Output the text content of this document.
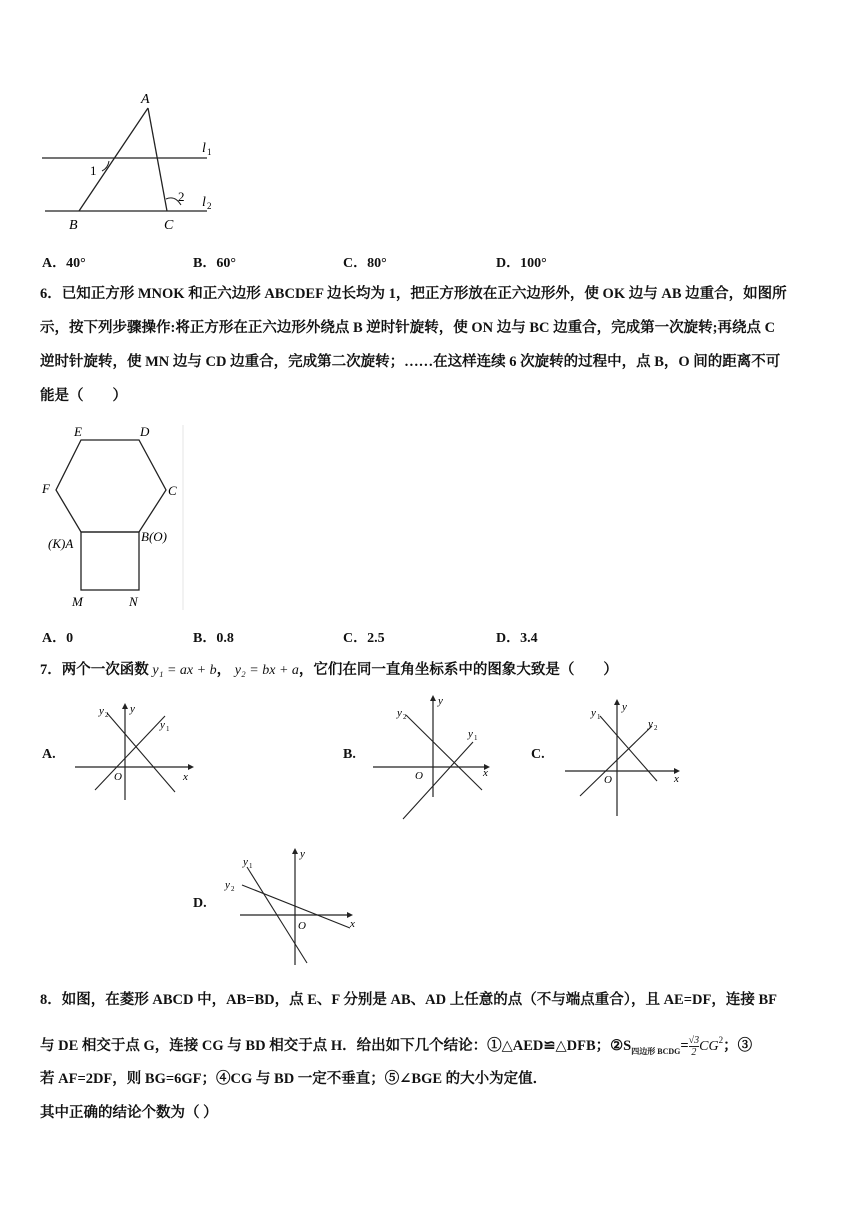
A
B	C
1
2
l 1
l 2
A．40°	B．60°	C．80°	D．100°
6．已知正方形 MNOK 和正六边形 ABCDEF 边长均为 1，把正方形放在正六边形外，使 OK 边与 AB 边重合，如图所
示，按下列步骤操作:将正方形在正六边形外绕点 B 逆时针旋转，使 ON 边与 BC 边重合，完成第一次旋转;再绕点 C
逆时针旋转，使 MN 边与 CD 边重合，完成第二次旋转；……在这样连续 6 次旋转的过程中，点 B，O 间的距离不可
能是（　　）
E	D
F	C
(K)A	B(O)
M	N
A．0	B．0.8	C．2.5	D．3.4
7．两个一次函数 y₁ = ax + b， y₂ = bx + a，它们在同一直角坐标系中的图象大致是（　　）
A.	B.	C.
D.
y 2 y
y 1
O	x
y 2
y
y 1
O	x
y 1
y
y 2
O	x
y 1
y
y 2
O	x
8．如图，在菱形 ABCD 中，AB=BD，点 E、F 分别是 AB、AD 上任意的点（不与端点重合），且 AE=DF，连接 BF
与 DE 相交于点 G，连接 CG 与 BD 相交于点 H．给出如下几个结论：①△AED≌△DFB；$②S_{四边形 BCDG}= \frac{√3}{2} CG^2$；③
若 AF=2DF，则 BG=6GF；④CG 与 BD 一定不垂直；⑤∠BGE 的大小为定值．
其中正确的结论个数为（ ）
